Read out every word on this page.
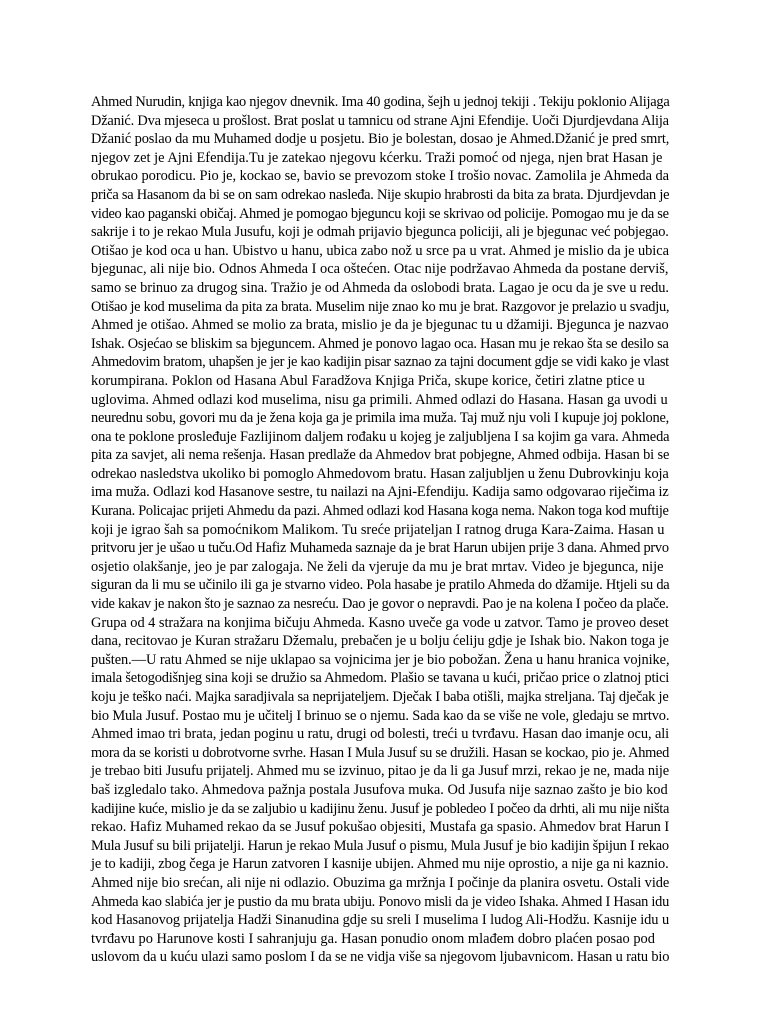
Ahmed Nurudin, knjiga kao njegov dnevnik. Ima 40 godina, šejh u jednoj tekiji . Tekiju poklonio Alijaga
Džanić. Dva mjeseca u prošlost. Brat poslat u tamnicu od strane Ajni Efendije. Uoči Djurdjevdana Alija
Džanić poslao da mu Muhamed dodje u posjetu. Bio je bolestan, dosao je Ahmed.Džanić je pred smrt,
njegov zet je Ajni Efendija.Tu je zatekao njegovu kćerku. Traži pomoć od njega, njen brat Hasan je
obrukao porodicu. Pio je, kockao se, bavio se prevozom stoke I trošio novac. Zamolila je Ahmeda da
priča sa Hasanom da bi se on sam odrekao nasleđa. Nije skupio hrabrosti da bita za brata. Djurdjevdan je
video kao paganski običaj. Ahmed je pomogao bjeguncu koji se skrivao od policije. Pomogao mu je da se
sakrije i to je rekao Mula Jusufu, koji je odmah prijavio bjegunca policiji, ali je bjegunac već pobjegao.
Otišao je kod oca u han. Ubistvo u hanu, ubica zabo nož u srce pa u vrat. Ahmed je mislio da je ubica
bjegunac, ali nije bio. Odnos Ahmeda I oca oštećen. Otac nije podržavao Ahmeda da postane derviš,
samo se brinuo za drugog sina. Tražio je od Ahmeda da oslobodi brata. Lagao je ocu da je sve u redu.
Otišao je kod muselima da pita za brata. Muselim nije znao ko mu je brat. Razgovor je prelazio u svadju,
Ahmed je otišao. Ahmed se molio za brata, mislio je da je bjegunac tu u džamiji. Bjegunca je nazvao
Ishak. Osjećao se bliskim sa bjeguncem. Ahmed je ponovo lagao oca. Hasan mu je rekao šta se desilo sa
Ahmedovim bratom, uhapšen je jer je kao kadijin pisar saznao za tajni document gdje se vidi kako je vlast
korumpirana. Poklon od Hasana Abul Faradžova Knjiga Priča, skupe korice, četiri zlatne ptice u
uglovima. Ahmed odlazi kod muselima, nisu ga primili. Ahmed odlazi do Hasana. Hasan ga uvodi u
neurednu sobu, govori mu da je žena koja ga je primila ima muža. Taj muž nju voli I kupuje joj poklone,
ona te poklone prosleđuje Fazlijinom daljem rođaku u kojeg je zaljubljena I sa kojim ga vara. Ahmeda
pita za savjet, ali nema rešenja. Hasan predlaže da Ahmedov brat pobjegne, Ahmed odbija. Hasan bi se
odrekao nasledstva ukoliko bi pomoglo Ahmedovom bratu. Hasan zaljubljen u ženu Dubrovkinju koja
ima muža. Odlazi kod Hasanove sestre, tu nailazi na Ajni-Efendiju. Kadija samo odgovarao riječima iz
Kurana. Policajac prijeti Ahmedu da pazi. Ahmed odlazi kod Hasana koga nema. Nakon toga kod muftije
koji je igrao šah sa pomoćnikom Malikom. Tu sreće prijateljan I ratnog druga Kara-Zaima. Hasan u
pritvoru jer je ušao u tuču.Od Hafiz Muhameda saznaje da je brat Harun ubijen prije 3 dana. Ahmed prvo
osjetio olakšanje, jeo je par zalogaja. Ne želi da vjeruje da mu je brat mrtav. Video je bjegunca, nije
siguran da li mu se učinilo ili ga je stvarno video. Pola hasabe je pratilo Ahmeda do džamije. Htjeli su da
vide kakav je nakon što je saznao za nesreću. Dao je govor o nepravdi. Pao je na kolena I počeo da plače.
Grupa od 4 stražara na konjima bičuju Ahmeda. Kasno uveče ga vode u zatvor. Tamo je proveo deset
dana, recitovao je Kuran stražaru Džemalu, prebačen je u bolju ćeliju gdje je Ishak bio. Nakon toga je
pušten.—U ratu Ahmed se nije uklapao sa vojnicima jer je bio pobožan. Žena u hanu hranica vojnike,
imala šetogodišnjeg sina koji se družio sa Ahmedom. Plašio se tavana u kući, pričao price o zlatnoj ptici
koju je teško naći. Majka saradjivala sa neprijateljem. Dječak I baba otišli, majka streljana. Taj dječak je
bio Mula Jusuf. Postao mu je učitelj I brinuo se o njemu. Sada kao da se više ne vole, gledaju se mrtvo.
Ahmed imao tri brata, jedan poginu u ratu, drugi od bolesti, treći u tvrđavu. Hasan dao imanje ocu, ali
mora da se koristi u dobrotvorne svrhe. Hasan I Mula Jusuf su se družili. Hasan se kockao, pio je. Ahmed
je trebao biti Jusufu prijatelj. Ahmed mu se izvinuo, pitao je da li ga Jusuf mrzi, rekao je ne, mada nije
baš izgledalo tako. Ahmedova pažnja postala Jusufova muka. Od Jusufa nije saznao zašto je bio kod
kadijine kuće, mislio je da se zaljubio u kadijinu ženu. Jusuf je pobledeo I počeo da drhti, ali mu nije ništa
rekao. Hafiz Muhamed rekao da se Jusuf pokušao objesiti, Mustafa ga spasio. Ahmedov brat Harun I
Mula Jusuf su bili prijatelji. Harun je rekao Mula Jusuf o pismu, Mula Jusuf je bio kadijin špijun I rekao
je to kadiji, zbog čega je Harun zatvoren I kasnije ubijen. Ahmed mu nije oprostio, a nije ga ni kaznio.
Ahmed nije bio srećan, ali nije ni odlazio. Obuzima ga mržnja I počinje da planira osvetu. Ostali vide
Ahmeda kao slabića jer je pustio da mu brata ubiju. Ponovo misli da je video Ishaka. Ahmed I Hasan idu
kod Hasanovog prijatelja Hadži Sinanudina gdje su sreli I muselima I ludog Ali-Hodžu. Kasnije idu u
tvrđavu po Harunove kosti I sahranjuju ga. Hasan ponudio onom mlađem dobro plaćen posao pod
uslovom da u kuću ulazi samo poslom I da se ne vidja više sa njegovom ljubavnicom. Hasan u ratu bio
